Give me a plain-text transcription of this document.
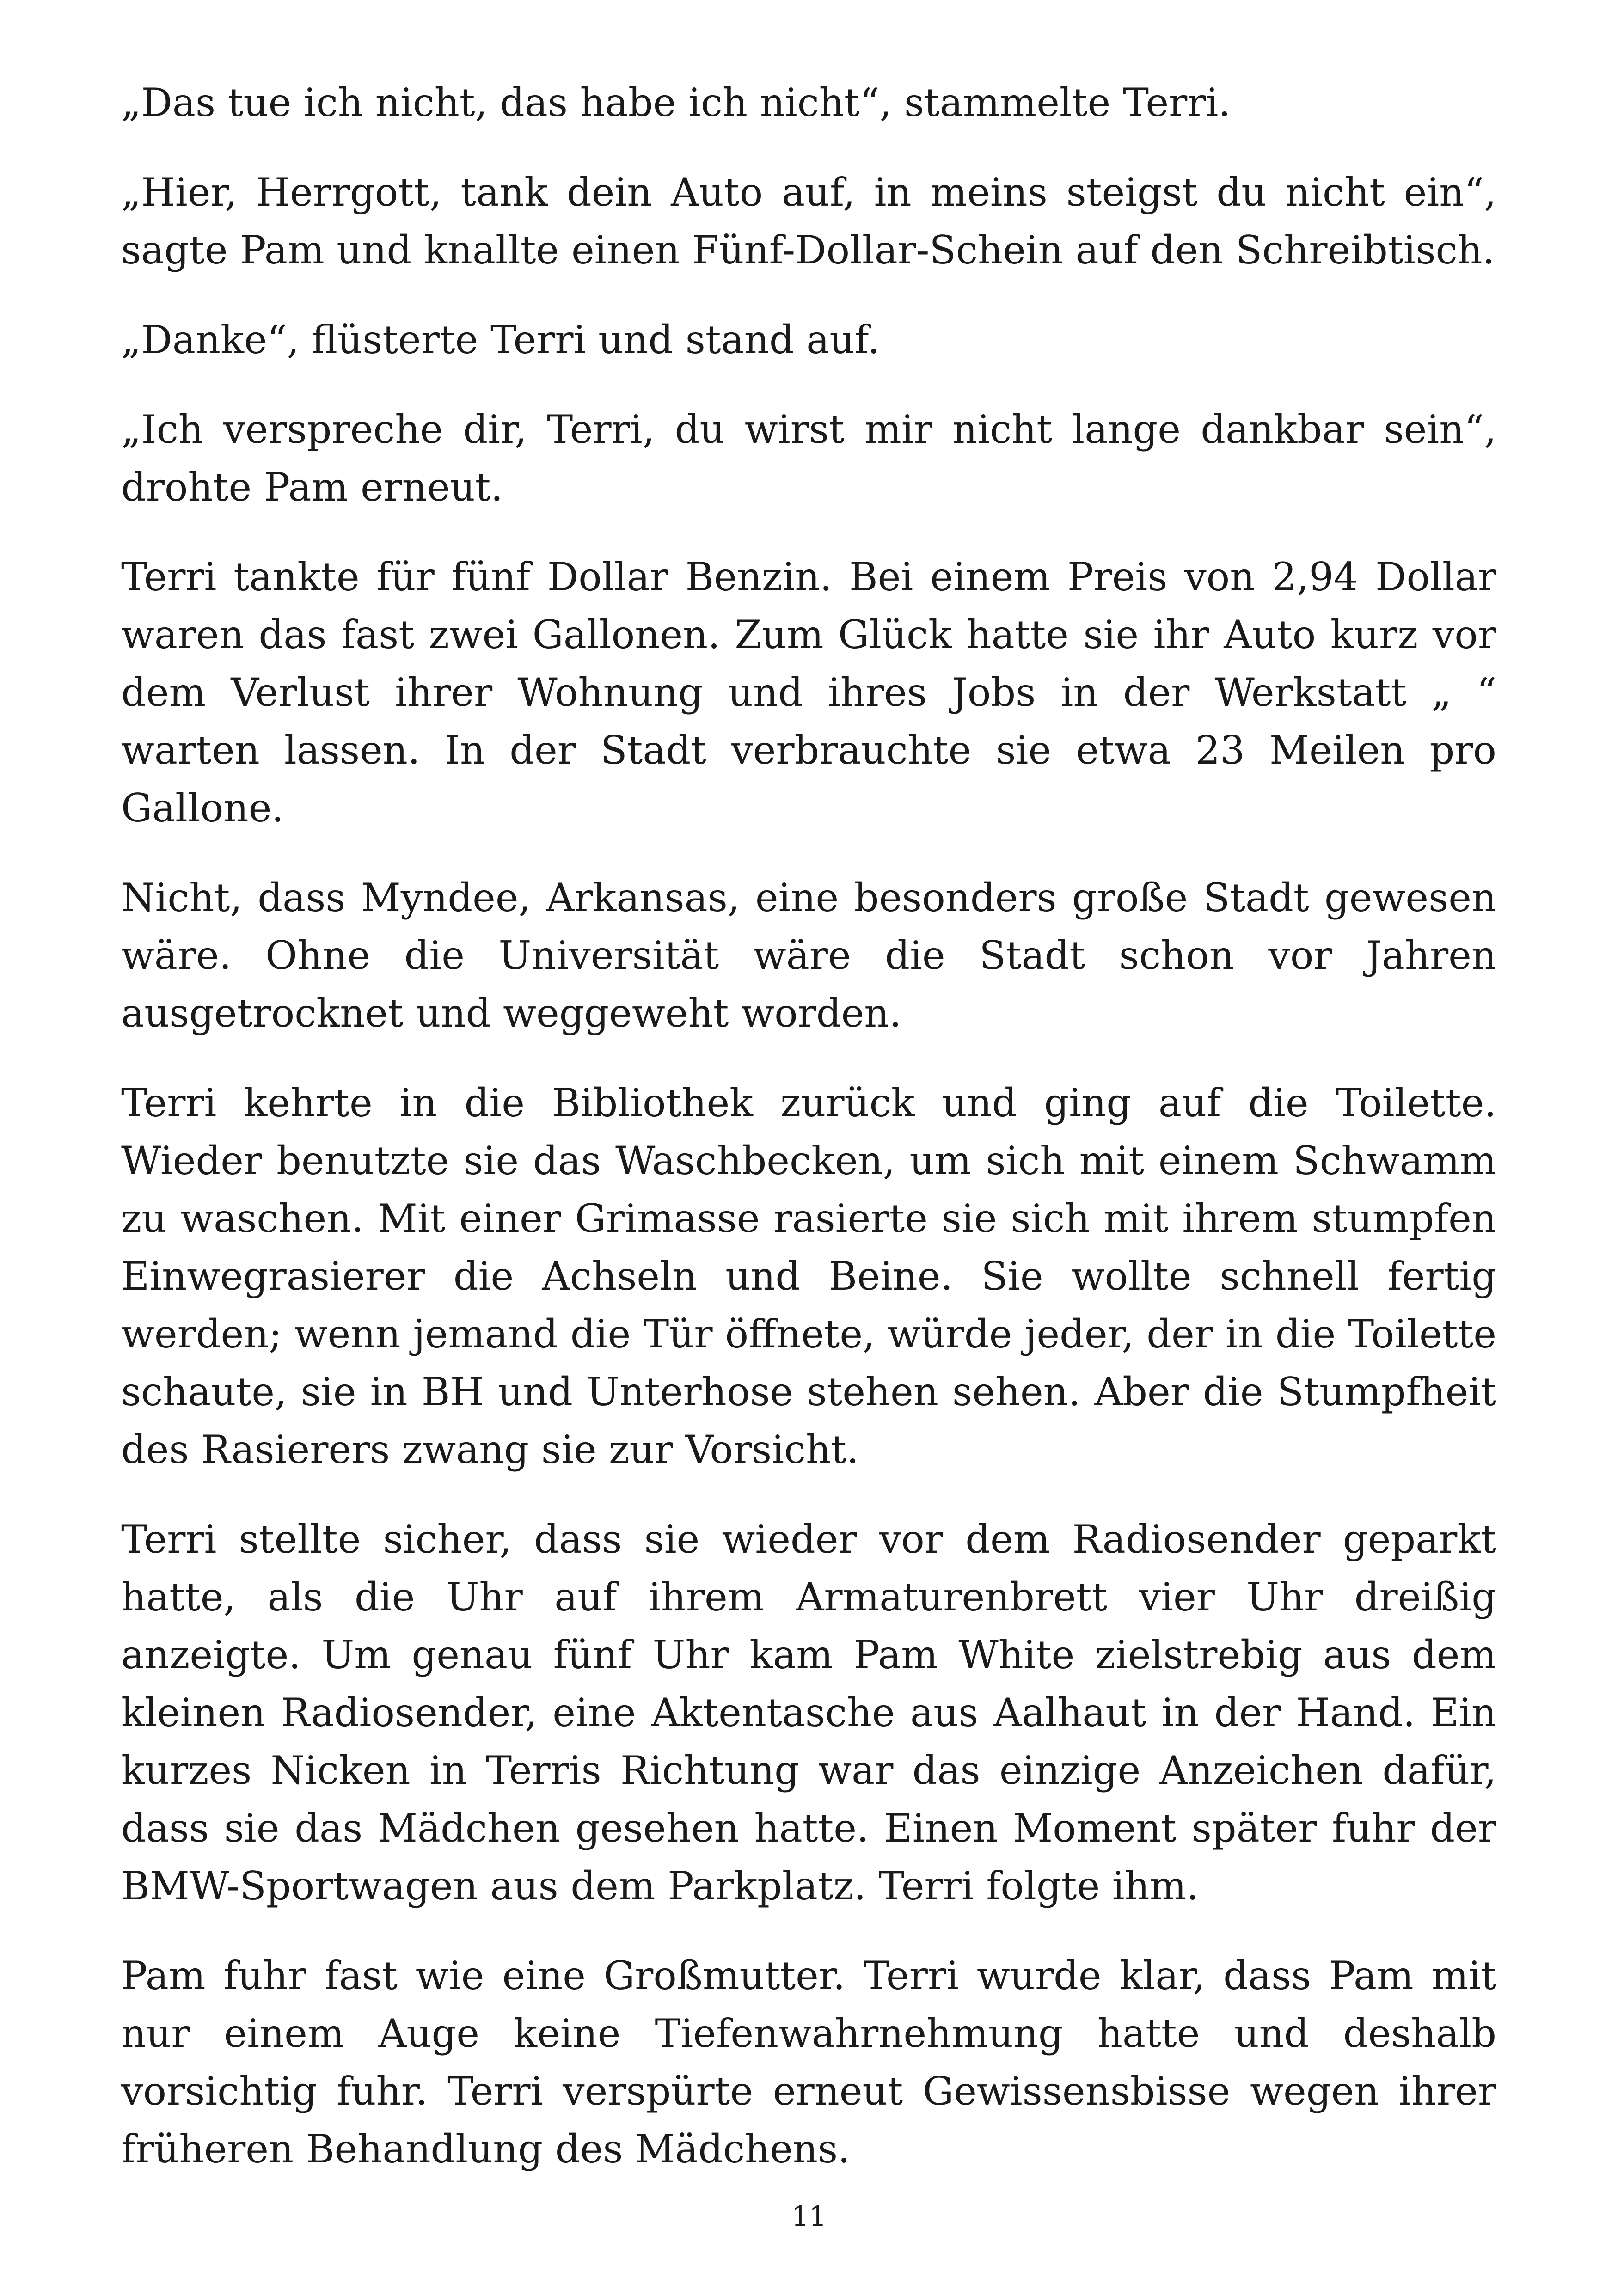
„Das tue ich nicht, das habe ich nicht“, stammelte Terri.

„Hier, Herrgott, tank dein Auto auf, in meins steigst du nicht ein“, sagte Pam und knallte einen Fünf-Dollar-Schein auf den Schreibtisch.

„Danke“, flüsterte Terri und stand auf.

„Ich verspreche dir, Terri, du wirst mir nicht lange dankbar sein“, drohte Pam erneut.

Terri tankte für fünf Dollar Benzin. Bei einem Preis von 2,94 Dollar waren das fast zwei Gallonen. Zum Glück hatte sie ihr Auto kurz vor dem Verlust ihrer Wohnung und ihres Jobs in der Werkstatt „ “ warten lassen. In der Stadt verbrauchte sie etwa 23 Meilen pro Gallone.

Nicht, dass Myndee, Arkansas, eine besonders große Stadt gewesen wäre. Ohne die Universität wäre die Stadt schon vor Jahren ausgetrocknet und weggeweht worden.

Terri kehrte in die Bibliothek zurück und ging auf die Toilette. Wieder benutzte sie das Waschbecken, um sich mit einem Schwamm zu waschen. Mit einer Grimasse rasierte sie sich mit ihrem stumpfen Einwegrasierer die Achseln und Beine. Sie wollte schnell fertig werden; wenn jemand die Tür öffnete, würde jeder, der in die Toilette schaute, sie in BH und Unterhose stehen sehen. Aber die Stumpfheit des Rasierers zwang sie zur Vorsicht.

Terri stellte sicher, dass sie wieder vor dem Radiosender geparkt hatte, als die Uhr auf ihrem Armaturenbrett vier Uhr dreißig anzeigte. Um genau fünf Uhr kam Pam White zielstrebig aus dem kleinen Radiosender, eine Aktentasche aus Aalhaut in der Hand. Ein kurzes Nicken in Terris Richtung war das einzige Anzeichen dafür, dass sie das Mädchen gesehen hatte. Einen Moment später fuhr der BMW-Sportwagen aus dem Parkplatz. Terri folgte ihm.

Pam fuhr fast wie eine Großmutter. Terri wurde klar, dass Pam mit nur einem Auge keine Tiefenwahrnehmung hatte und deshalb vorsichtig fuhr. Terri verspürte erneut Gewissensbisse wegen ihrer früheren Behandlung des Mädchens.

11
